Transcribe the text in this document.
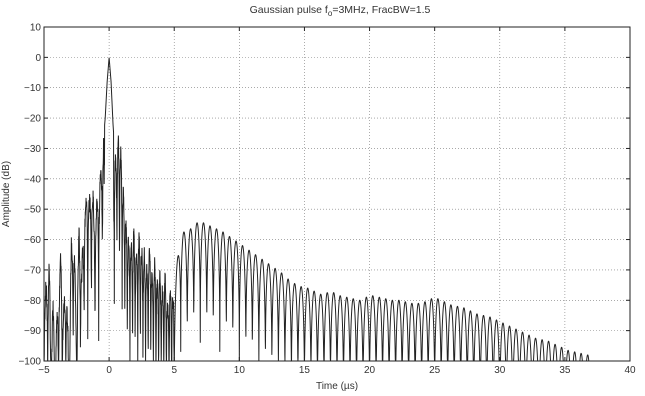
Gaussian pulse $f_o=3MHz$, FracBW=1.5
−5	0	5	10	15	20	25	30	35	40
10
0
−10
−20
−30
−40
−50
−60
−70
−80
−90
−100
Time (µs)
Amplitude (dB)
